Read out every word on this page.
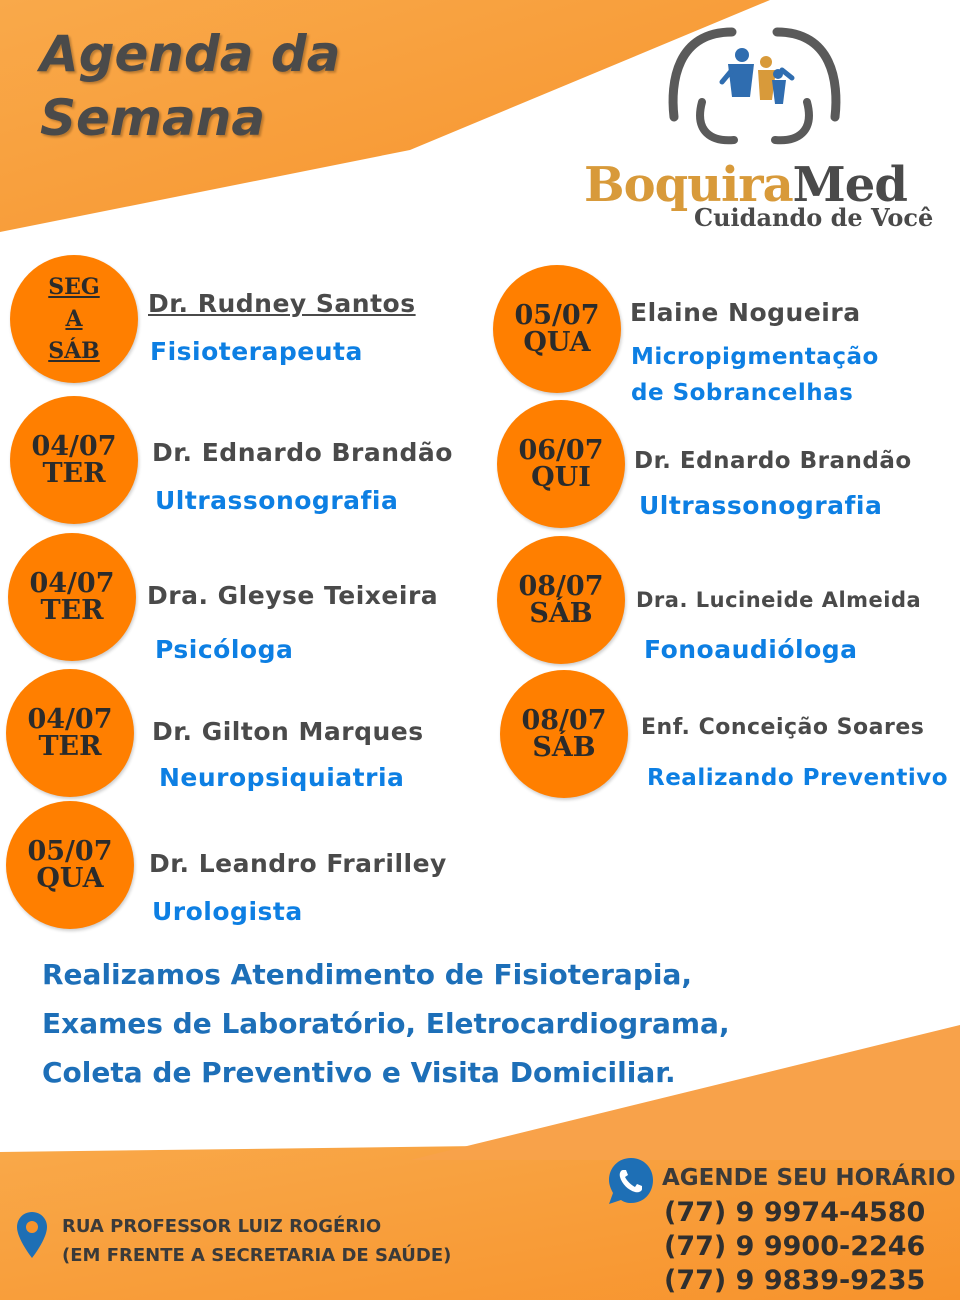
Agenda da
Semana
BoquiraMed
Cuidando de Você
SEG
A
SÁB
Dr. Rudney Santos
Fisioterapeuta
04/07
TER
Dr. Ednardo Brandão
Ultrassonografia
04/07
TER Dra. Gleyse Teixeira
Psicóloga
04/07
TER Dr. Gilton Marques
Neuropsiquiatria
05/07
QUA Dr. Leandro Frarilley
Urologista
05/07
QUA
Elaine Nogueira
Micropigmentação
de Sobrancelhas
06/07
QUI
Dr. Ednardo Brandão
Ultrassonografia
08/07
SÁB Dra. Lucineide Almeida
Fonoaudióloga
08/07
SÁB
Enf. Conceição Soares
Realizando Preventivo
Realizamos Atendimento de Fisioterapia,
Exames de Laboratório, Eletrocardiograma,
Coleta de Preventivo e Visita Domiciliar.
RUA PROFESSOR LUIZ ROGÉRIO
(EM FRENTE A SECRETARIA DE SAÚDE)
AGENDE SEU HORÁRIO
(77) 9 9974-4580
(77) 9 9900-2246
(77) 9 9839-9235
